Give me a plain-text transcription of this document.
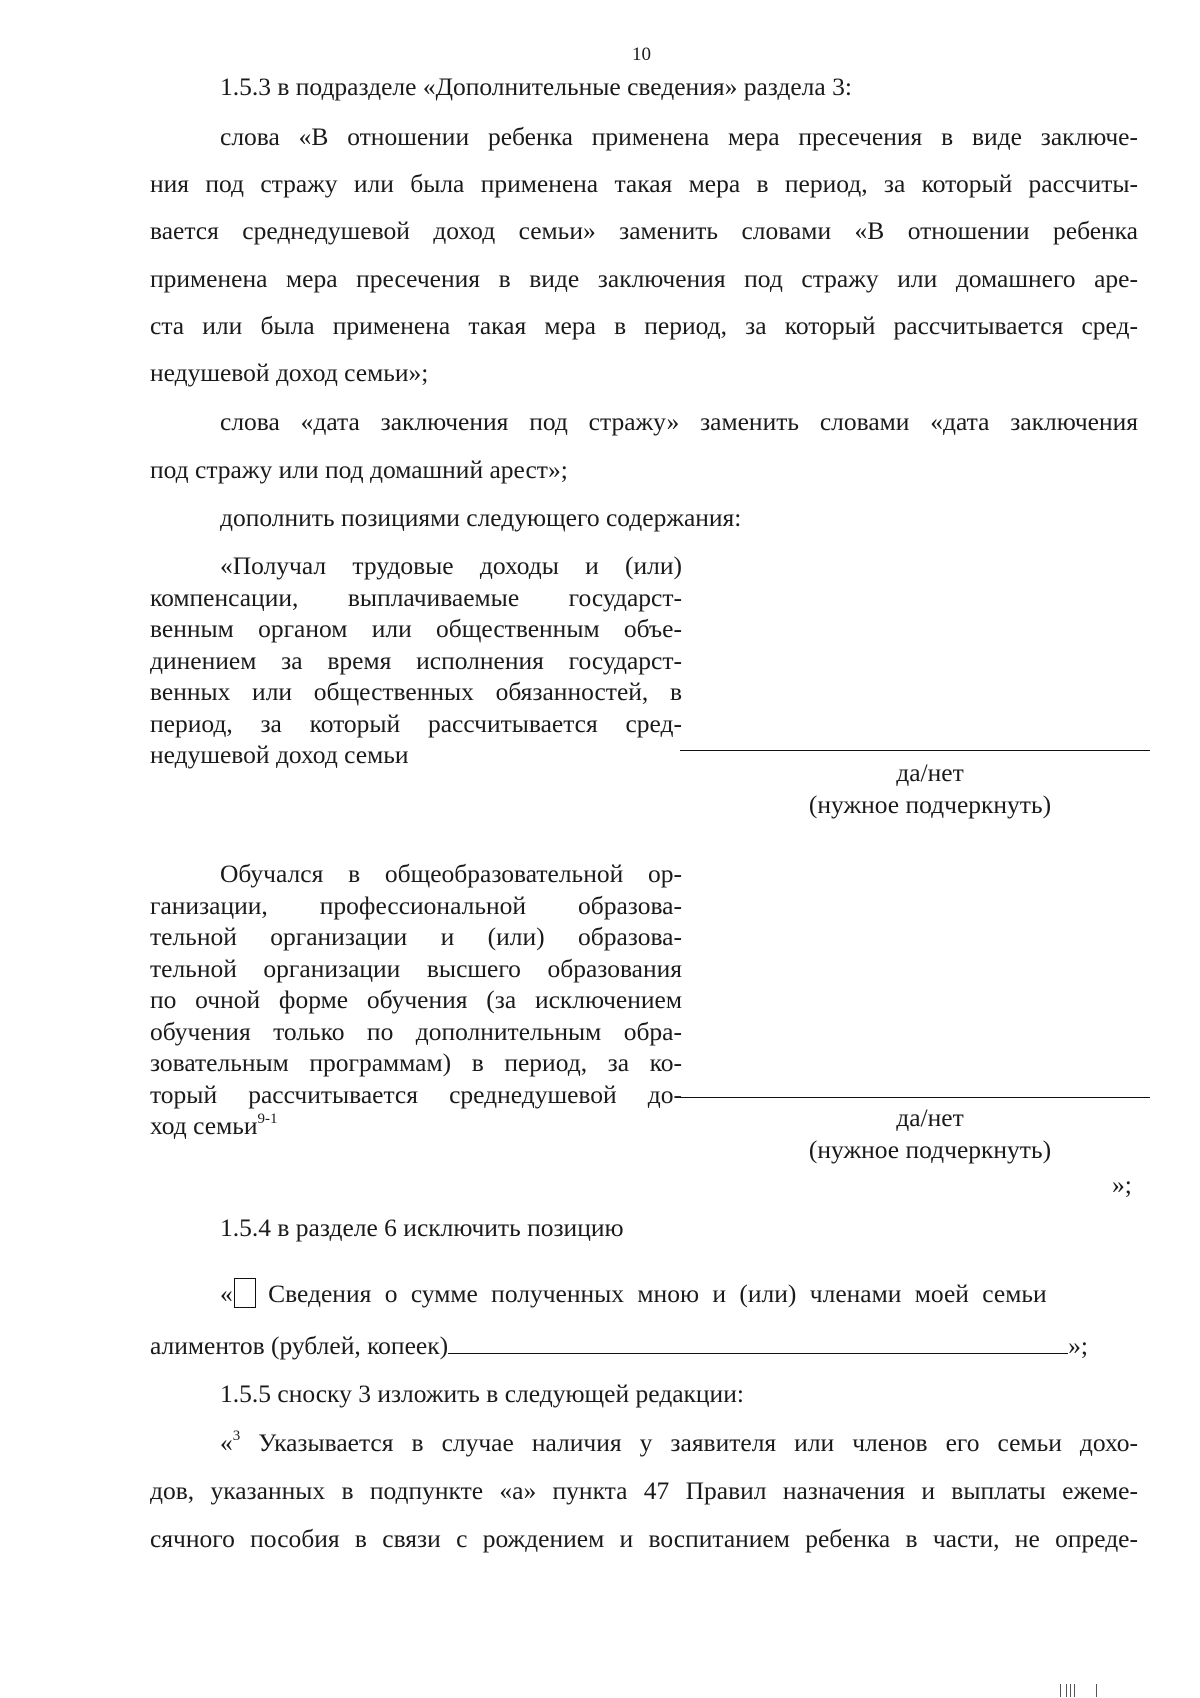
10
1.5.3 в подразделе «Дополнительные сведения» раздела 3:
слова «В отношении ребенка применена мера пресечения в виде заключе-
ния под стражу или была применена такая мера в период, за который рассчиты-
вается среднедушевой доход семьи» заменить словами «В отношении ребенка
применена мера пресечения в виде заключения под стражу или домашнего аре-
ста или была применена такая мера в период, за который рассчитывается сред-
недушевой доход семьи»;
слова «дата заключения под стражу» заменить словами «дата заключения
под стражу или под домашний арест»;
дополнить позициями следующего содержания:
«Получал трудовые доходы и (или)
компенсации, выплачиваемые государст-
венным органом или общественным объе-
динением за время исполнения государст-
венных или общественных обязанностей, в
период, за который рассчитывается сред-
недушевой доход семьи
да/нет
(нужное подчеркнуть)
Обучался в общеобразовательной ор-
ганизации, профессиональной образова-
тельной организации и (или) образова-
тельной организации высшего образования
по очной форме обучения (за исключением
обучения только по дополнительным обра-
зовательным программам) в период, за ко-
торый рассчитывается среднедушевой до-
ход семьи$^{9-1}$	да/нет
(нужное подчеркнуть)
»;
1.5.4 в разделе 6 исключить позицию
« Сведения о сумме полученных мною и (или) членами моей семьи
алиментов (рублей, копеек)	»;
1.5.5 сноску 3 изложить в следующей редакции:
«$^3$ Указывается в случае наличия у заявителя или членов его семьи дохо-
дов, указанных в подпункте «а» пункта 47 Правил назначения и выплаты ежеме-
сячного пособия в связи с рождением и воспитанием ребенка в части, не опреде-
